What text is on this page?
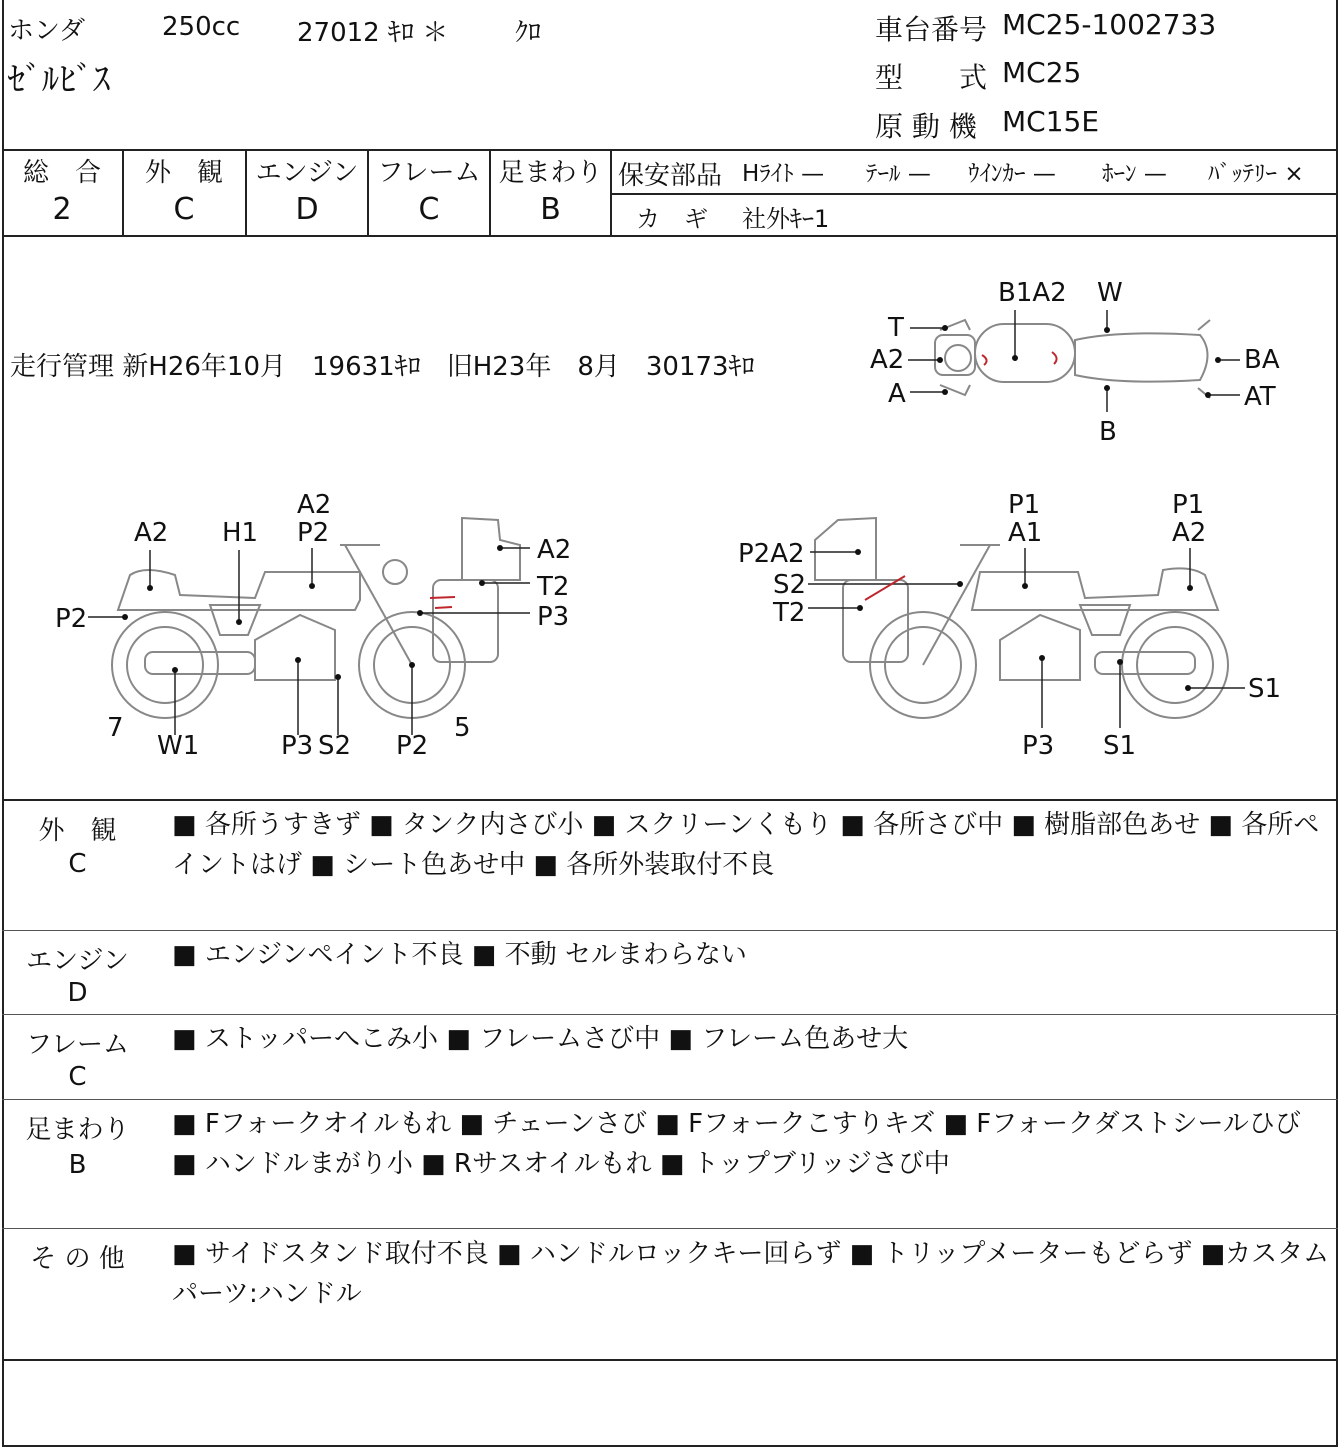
ホンダ	250cc 27012 ｷﾛ ＊	ｸﾛ
ｾﾞﾙﾋﾞｽ
車台番号 MC25-1002733
型　　式 MC25
原 動 機 MC15E
総　合
2
外　観
C
エンジン
D
フレーム
C
足まわり
B
保安部品 Hﾗｲﾄ — ﾃｰﾙ — ｳｲﾝｶｰ — ﾎｰﾝ — ﾊﾞｯﾃﾘｰ ×
カ　ギ 社外ｷｰ1
走行管理 新H26年10月　19631ｷﾛ　旧H23年　8月　30173ｷﾛ
T
A2
A
B1A2 W
B
BA
AT
A2 H1
A2
P2
P2
A2
T2
P3
7
W1	P3 S2 P2
5
P1
A1
P1
A2
P2A2
S2
T2
S1
P3 S1
外　観
C
■ 各所うすきず ■ タンク内さび小 ■ スクリーンくもり ■ 各所さび中 ■ 樹脂部色あせ ■ 各所ペイントはげ ■ シート色あせ中 ■ 各所外装取付不良
エンジン
D
■ エンジンペイント不良 ■ 不動 セルまわらない
フレーム
C
■ ストッパーへこみ小 ■ フレームさび中 ■ フレーム色あせ大
足まわり
B
■ Fフォークオイルもれ ■ チェーンさび ■ Fフォークこすりキズ ■ Fフォークダストシールひび ■ ハンドルまがり小 ■ Rサスオイルもれ ■ トップブリッジさび中
そ の 他	■ サイドスタンド取付不良 ■ ハンドルロックキー回らず ■ トリップメーターもどらず ■カスタムパーツ:ハンドル
